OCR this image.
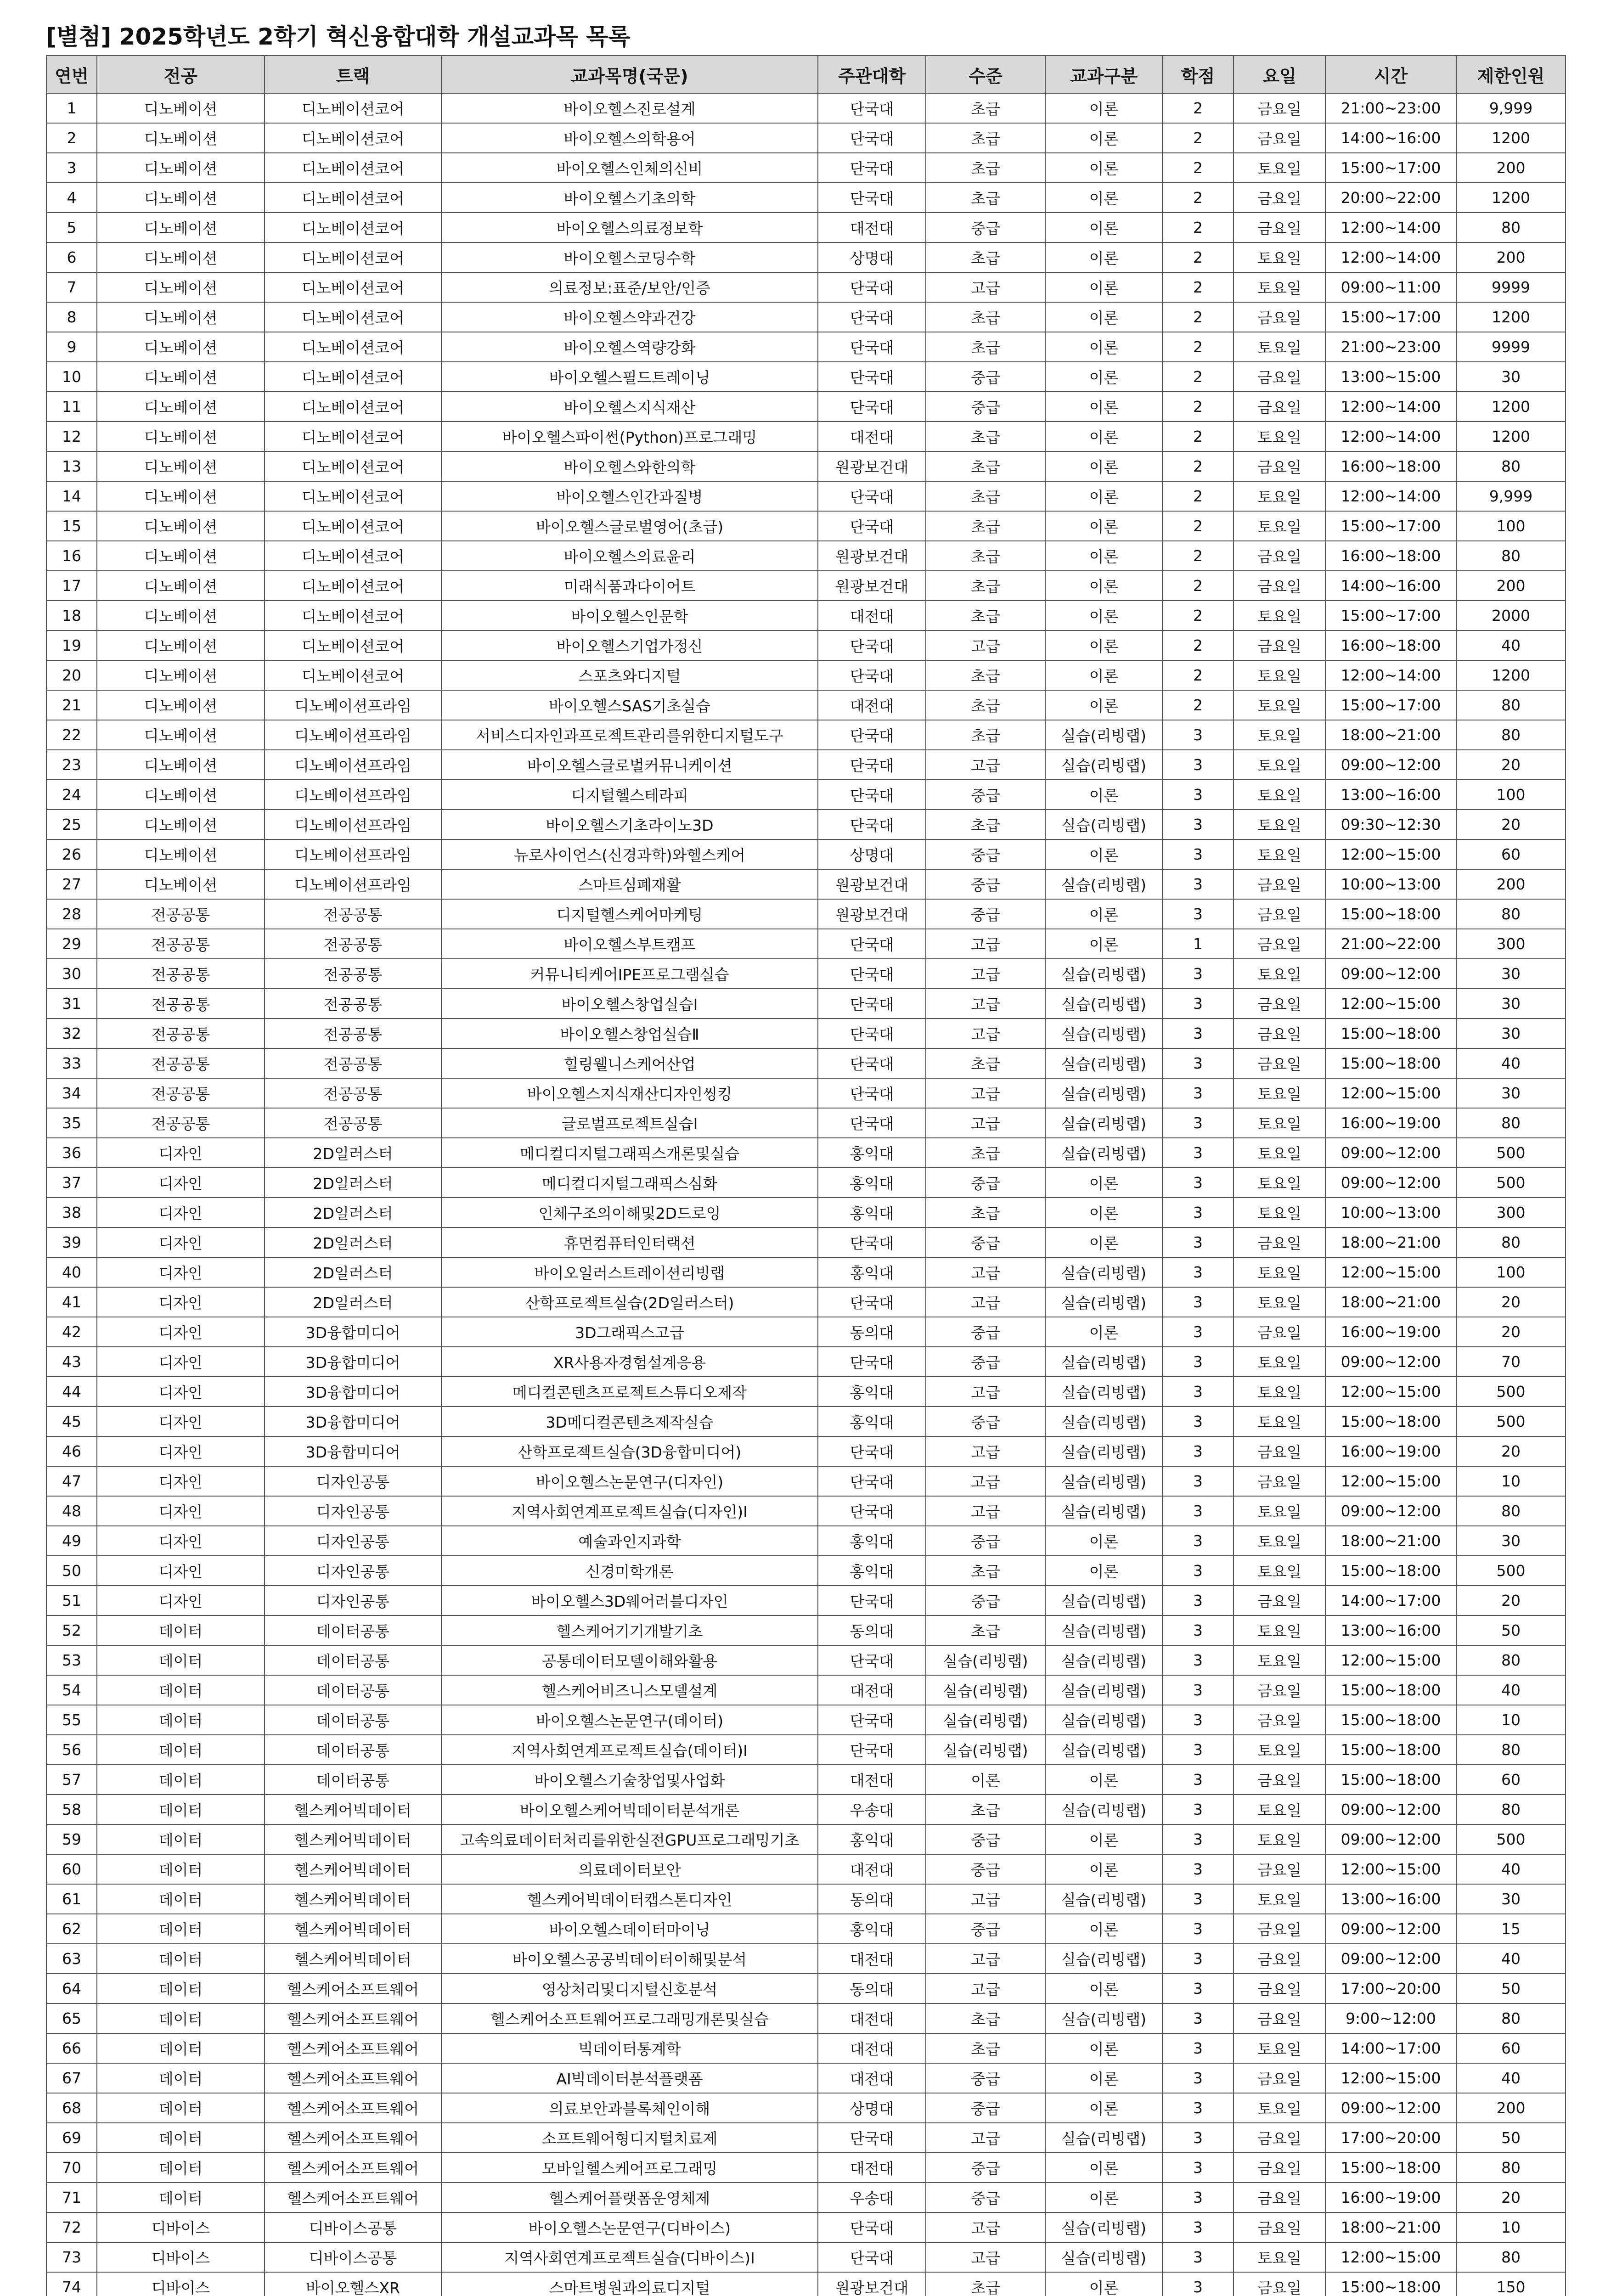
[별첨] 2025학년도 2학기 혁신융합대학 개설교과목 목록
연번	전공	트랙	교과목명(국문)	주관대학	수준	교과구분	학점	요일	시간	제한인원
1	디노베이션	디노베이션코어	바이오헬스진로설계	단국대	초급	이론	2	금요일	21:00~23:00	9,999
2	디노베이션	디노베이션코어	바이오헬스의학용어	단국대	초급	이론	2	금요일	14:00~16:00	1200
3	디노베이션	디노베이션코어	바이오헬스인체의신비	단국대	초급	이론	2	토요일	15:00~17:00	200
4	디노베이션	디노베이션코어	바이오헬스기초의학	단국대	초급	이론	2	금요일	20:00~22:00	1200
5	디노베이션	디노베이션코어	바이오헬스의료정보학	대전대	중급	이론	2	금요일	12:00~14:00	80
6	디노베이션	디노베이션코어	바이오헬스코딩수학	상명대	초급	이론	2	토요일	12:00~14:00	200
7	디노베이션	디노베이션코어	의료정보:표준/보안/인증	단국대	고급	이론	2	토요일	09:00~11:00	9999
8	디노베이션	디노베이션코어	바이오헬스약과건강	단국대	초급	이론	2	금요일	15:00~17:00	1200
9	디노베이션	디노베이션코어	바이오헬스역량강화	단국대	초급	이론	2	토요일	21:00~23:00	9999
10	디노베이션	디노베이션코어	바이오헬스필드트레이닝	단국대	중급	이론	2	금요일	13:00~15:00	30
11	디노베이션	디노베이션코어	바이오헬스지식재산	단국대	중급	이론	2	금요일	12:00~14:00	1200
12	디노베이션	디노베이션코어	바이오헬스파이썬(Python)프로그래밍	대전대	초급	이론	2	토요일	12:00~14:00	1200
13	디노베이션	디노베이션코어	바이오헬스와한의학	원광보건대	초급	이론	2	금요일	16:00~18:00	80
14	디노베이션	디노베이션코어	바이오헬스인간과질병	단국대	초급	이론	2	토요일	12:00~14:00	9,999
15	디노베이션	디노베이션코어	바이오헬스글로벌영어(초급)	단국대	초급	이론	2	토요일	15:00~17:00	100
16	디노베이션	디노베이션코어	바이오헬스의료윤리	원광보건대	초급	이론	2	금요일	16:00~18:00	80
17	디노베이션	디노베이션코어	미래식품과다이어트	원광보건대	초급	이론	2	금요일	14:00~16:00	200
18	디노베이션	디노베이션코어	바이오헬스인문학	대전대	초급	이론	2	토요일	15:00~17:00	2000
19	디노베이션	디노베이션코어	바이오헬스기업가정신	단국대	고급	이론	2	금요일	16:00~18:00	40
20	디노베이션	디노베이션코어	스포츠와디지털	단국대	초급	이론	2	토요일	12:00~14:00	1200
21	디노베이션	디노베이션프라임	바이오헬스SAS기초실습	대전대	초급	이론	2	토요일	15:00~17:00	80
22	디노베이션	디노베이션프라임	서비스디자인과프로젝트관리를위한디지털도구	단국대	초급	실습(리빙랩)	3	토요일	18:00~21:00	80
23	디노베이션	디노베이션프라임	바이오헬스글로벌커뮤니케이션	단국대	고급	실습(리빙랩)	3	토요일	09:00~12:00	20
24	디노베이션	디노베이션프라임	디지털헬스테라피	단국대	중급	이론	3	토요일	13:00~16:00	100
25	디노베이션	디노베이션프라임	바이오헬스기초라이노3D	단국대	초급	실습(리빙랩)	3	토요일	09:30~12:30	20
26	디노베이션	디노베이션프라임	뉴로사이언스(신경과학)와헬스케어	상명대	중급	이론	3	토요일	12:00~15:00	60
27	디노베이션	디노베이션프라임	스마트심폐재활	원광보건대	중급	실습(리빙랩)	3	금요일	10:00~13:00	200
28	전공공통	전공공통	디지털헬스케어마케팅	원광보건대	중급	이론	3	금요일	15:00~18:00	80
29	전공공통	전공공통	바이오헬스부트캠프	단국대	고급	이론	1	금요일	21:00~22:00	300
30	전공공통	전공공통	커뮤니티케어IPE프로그램실습	단국대	고급	실습(리빙랩)	3	토요일	09:00~12:00	30
31	전공공통	전공공통	바이오헬스창업실습Ⅰ	단국대	고급	실습(리빙랩)	3	금요일	12:00~15:00	30
32	전공공통	전공공통	바이오헬스창업실습Ⅱ	단국대	고급	실습(리빙랩)	3	금요일	15:00~18:00	30
33	전공공통	전공공통	힐링웰니스케어산업	단국대	초급	실습(리빙랩)	3	금요일	15:00~18:00	40
34	전공공통	전공공통	바이오헬스지식재산디자인씽킹	단국대	고급	실습(리빙랩)	3	토요일	12:00~15:00	30
35	전공공통	전공공통	글로벌프로젝트실습I	단국대	고급	실습(리빙랩)	3	토요일	16:00~19:00	80
36	디자인	2D일러스터	메디컬디지털그래픽스개론및실습	홍익대	초급	실습(리빙랩)	3	토요일	09:00~12:00	500
37	디자인	2D일러스터	메디컬디지털그래픽스심화	홍익대	중급	이론	3	토요일	09:00~12:00	500
38	디자인	2D일러스터	인체구조의이해및2D드로잉	홍익대	초급	이론	3	토요일	10:00~13:00	300
39	디자인	2D일러스터	휴먼컴퓨터인터랙션	단국대	중급	이론	3	금요일	18:00~21:00	80
40	디자인	2D일러스터	바이오일러스트레이션리빙랩	홍익대	고급	실습(리빙랩)	3	토요일	12:00~15:00	100
41	디자인	2D일러스터	산학프로젝트실습(2D일러스터)	단국대	고급	실습(리빙랩)	3	토요일	18:00~21:00	20
42	디자인	3D융합미디어	3D그래픽스고급	동의대	중급	이론	3	금요일	16:00~19:00	20
43	디자인	3D융합미디어	XR사용자경험설계응용	단국대	중급	실습(리빙랩)	3	토요일	09:00~12:00	70
44	디자인	3D융합미디어	메디컬콘텐츠프로젝트스튜디오제작	홍익대	고급	실습(리빙랩)	3	토요일	12:00~15:00	500
45	디자인	3D융합미디어	3D메디컬콘텐츠제작실습	홍익대	중급	실습(리빙랩)	3	토요일	15:00~18:00	500
46	디자인	3D융합미디어	산학프로젝트실습(3D융합미디어)	단국대	고급	실습(리빙랩)	3	금요일	16:00~19:00	20
47	디자인	디자인공통	바이오헬스논문연구(디자인)	단국대	고급	실습(리빙랩)	3	금요일	12:00~15:00	10
48	디자인	디자인공통	지역사회연계프로젝트실습(디자인)I	단국대	고급	실습(리빙랩)	3	토요일	09:00~12:00	80
49	디자인	디자인공통	예술과인지과학	홍익대	중급	이론	3	토요일	18:00~21:00	30
50	디자인	디자인공통	신경미학개론	홍익대	초급	이론	3	토요일	15:00~18:00	500
51	디자인	디자인공통	바이오헬스3D웨어러블디자인	단국대	중급	실습(리빙랩)	3	금요일	14:00~17:00	20
52	데이터	데이터공통	헬스케어기기개발기초	동의대	초급	실습(리빙랩)	3	토요일	13:00~16:00	50
53	데이터	데이터공통	공통데이터모델이해와활용	단국대	실습(리빙랩)	실습(리빙랩)	3	토요일	12:00~15:00	80
54	데이터	데이터공통	헬스케어비즈니스모델설계	대전대	실습(리빙랩)	실습(리빙랩)	3	금요일	15:00~18:00	40
55	데이터	데이터공통	바이오헬스논문연구(데이터)	단국대	실습(리빙랩)	실습(리빙랩)	3	금요일	15:00~18:00	10
56	데이터	데이터공통	지역사회연계프로젝트실습(데이터)I	단국대	실습(리빙랩)	실습(리빙랩)	3	토요일	15:00~18:00	80
57	데이터	데이터공통	바이오헬스기술창업및사업화	대전대	이론	이론	3	금요일	15:00~18:00	60
58	데이터	헬스케어빅데이터	바이오헬스케어빅데이터분석개론	우송대	초급	실습(리빙랩)	3	토요일	09:00~12:00	80
59	데이터	헬스케어빅데이터	고속의료데이터처리를위한실전GPU프로그래밍기초	홍익대	중급	이론	3	토요일	09:00~12:00	500
60	데이터	헬스케어빅데이터	의료데이터보안	대전대	중급	이론	3	금요일	12:00~15:00	40
61	데이터	헬스케어빅데이터	헬스케어빅데이터캡스톤디자인	동의대	고급	실습(리빙랩)	3	토요일	13:00~16:00	30
62	데이터	헬스케어빅데이터	바이오헬스데이터마이닝	홍익대	중급	이론	3	금요일	09:00~12:00	15
63	데이터	헬스케어빅데이터	바이오헬스공공빅데이터이해및분석	대전대	고급	실습(리빙랩)	3	금요일	09:00~12:00	40
64	데이터	헬스케어소프트웨어	영상처리및디지털신호분석	동의대	고급	이론	3	금요일	17:00~20:00	50
65	데이터	헬스케어소프트웨어	헬스케어소프트웨어프로그래밍개론및실습	대전대	초급	실습(리빙랩)	3	금요일	9:00~12:00	80
66	데이터	헬스케어소프트웨어	빅데이터통계학	대전대	초급	이론	3	토요일	14:00~17:00	60
67	데이터	헬스케어소프트웨어	AI빅데이터분석플랫폼	대전대	중급	이론	3	금요일	12:00~15:00	40
68	데이터	헬스케어소프트웨어	의료보안과블록체인이해	상명대	중급	이론	3	토요일	09:00~12:00	200
69	데이터	헬스케어소프트웨어	소프트웨어형디지털치료제	단국대	고급	실습(리빙랩)	3	금요일	17:00~20:00	50
70	데이터	헬스케어소프트웨어	모바일헬스케어프로그래밍	대전대	중급	이론	3	금요일	15:00~18:00	80
71	데이터	헬스케어소프트웨어	헬스케어플랫폼운영체제	우송대	중급	이론	3	금요일	16:00~19:00	20
72	디바이스	디바이스공통	바이오헬스논문연구(디바이스)	단국대	고급	실습(리빙랩)	3	금요일	18:00~21:00	10
73	디바이스	디바이스공통	지역사회연계프로젝트실습(디바이스)I	단국대	고급	실습(리빙랩)	3	토요일	12:00~15:00	80
74	디바이스	바이오헬스XR	스마트병원과의료디지털	원광보건대	초급	이론	3	금요일	15:00~18:00	150
